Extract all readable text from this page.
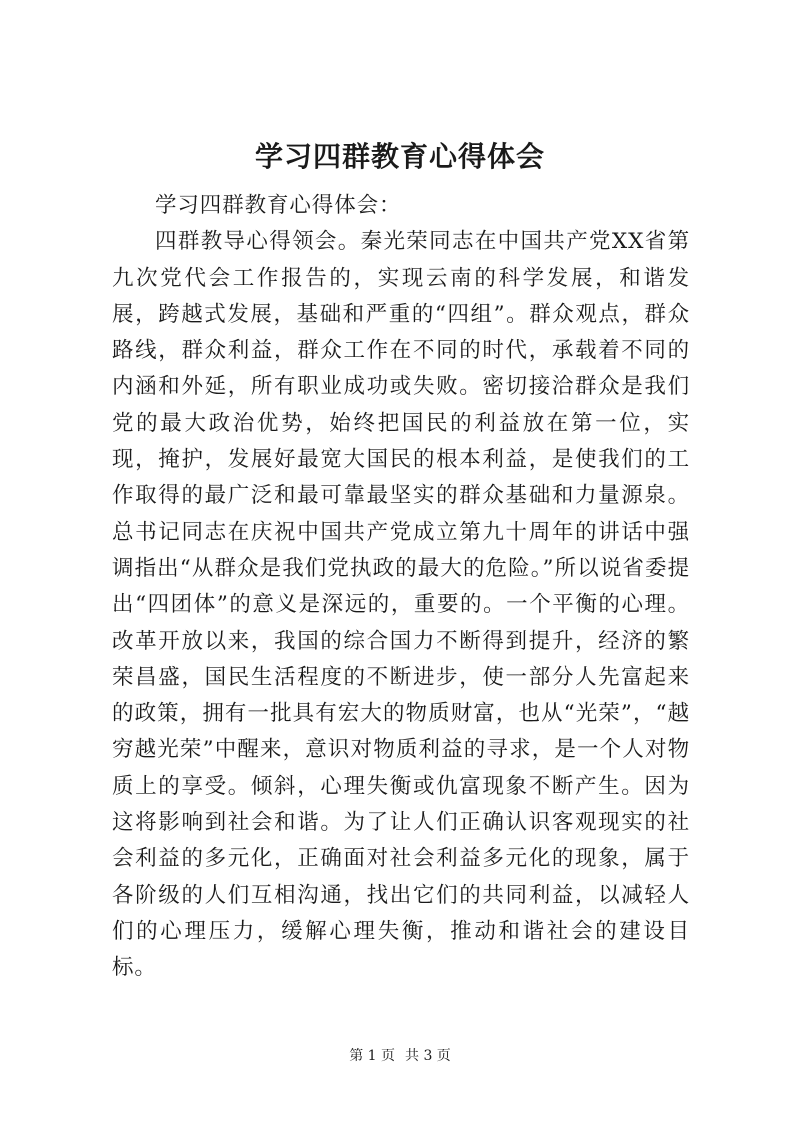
学习四群教育心得体会

学习四群教育心得体会：

四群教导心得领会。秦光荣同志在中国共产党XX省第九次党代会工作报告的，实现云南的科学发展，和谐发展，跨越式发展，基础和严重的“四组”。群众观点，群众路线，群众利益，群众工作在不同的时代，承载着不同的内涵和外延，所有职业成功或失败。密切接洽群众是我们党的最大政治优势，始终把国民的利益放在第一位，实现，掩护，发展好最宽大国民的根本利益，是使我们的工作取得的最广泛和最可靠最坚实的群众基础和力量源泉。总书记同志在庆祝中国共产党成立第九十周年的讲话中强调指出“从群众是我们党执政的最大的危险。”所以说省委提出“四团体”的意义是深远的，重要的。一个平衡的心理。改革开放以来，我国的综合国力不断得到提升，经济的繁荣昌盛，国民生活程度的不断进步，使一部分人先富起来的政策，拥有一批具有宏大的物质财富，也从“光荣”，“越穷越光荣”中醒来，意识对物质利益的寻求，是一个人对物质上的享受。倾斜，心理失衡或仇富现象不断产生。因为这将影响到社会和谐。为了让人们正确认识客观现实的社会利益的多元化，正确面对社会利益多元化的现象，属于各阶级的人们互相沟通，找出它们的共同利益，以减轻人们的心理压力，缓解心理失衡，推动和谐社会的建设目标。

第 1 页 共 3 页
